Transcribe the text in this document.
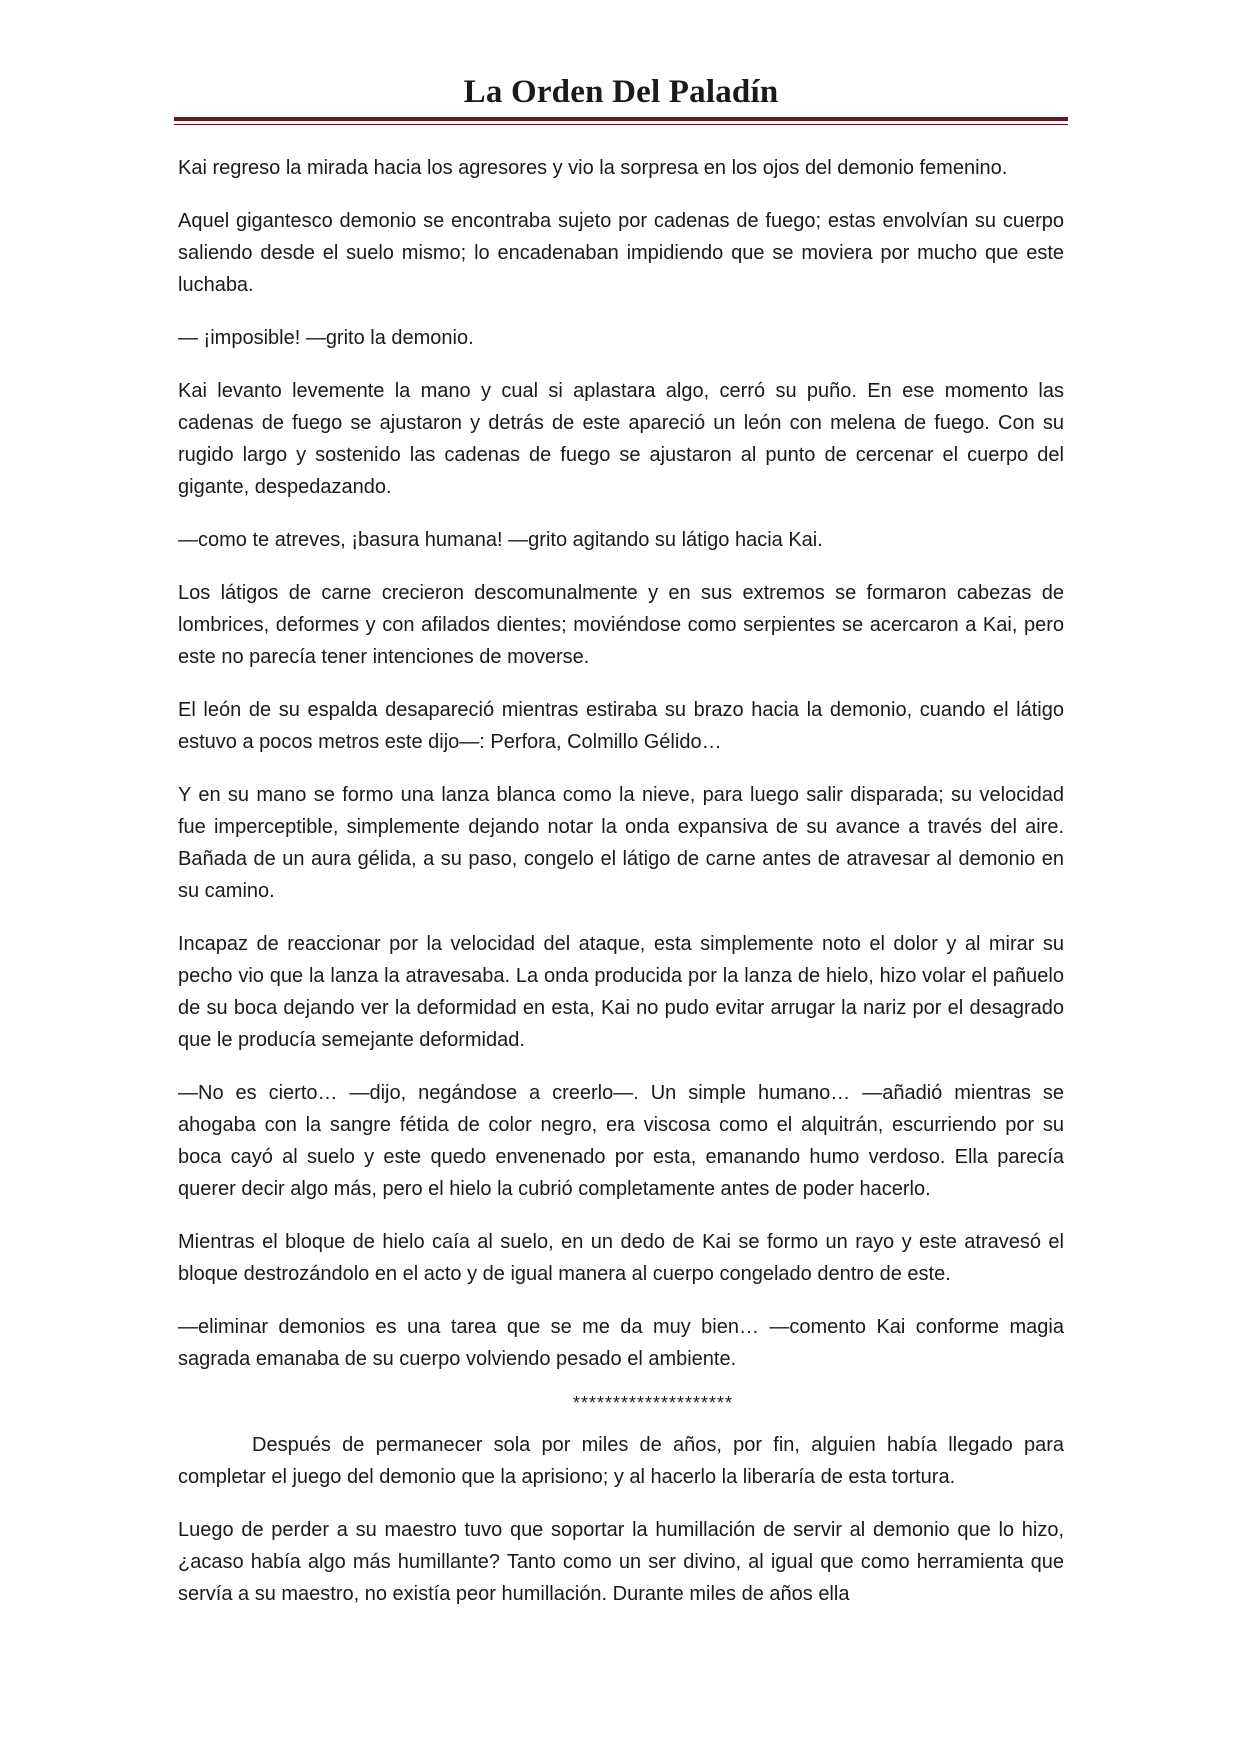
La Orden Del Paladín

Kai regreso la mirada hacia los agresores y vio la sorpresa en los ojos del demonio femenino.

Aquel gigantesco demonio se encontraba sujeto por cadenas de fuego; estas envolvían su cuerpo saliendo desde el suelo mismo; lo encadenaban impidiendo que se moviera por mucho que este luchaba.

— ¡imposible! —grito la demonio.

Kai levanto levemente la mano y cual si aplastara algo, cerró su puño. En ese momento las cadenas de fuego se ajustaron y detrás de este apareció un león con melena de fuego. Con su rugido largo y sostenido las cadenas de fuego se ajustaron al punto de cercenar el cuerpo del gigante, despedazando.

—como te atreves, ¡basura humana! —grito agitando su látigo hacia Kai.

Los látigos de carne crecieron descomunalmente y en sus extremos se formaron cabezas de lombrices, deformes y con afilados dientes; moviéndose como serpientes se acercaron a Kai, pero este no parecía tener intenciones de moverse.

El león de su espalda desapareció mientras estiraba su brazo hacia la demonio, cuando el látigo estuvo a pocos metros este dijo—: Perfora, Colmillo Gélido…

Y en su mano se formo una lanza blanca como la nieve, para luego salir disparada; su velocidad fue imperceptible, simplemente dejando notar la onda expansiva de su avance a través del aire. Bañada de un aura gélida, a su paso, congelo el látigo de carne antes de atravesar al demonio en su camino.

Incapaz de reaccionar por la velocidad del ataque, esta simplemente noto el dolor y al mirar su pecho vio que la lanza la atravesaba. La onda producida por la lanza de hielo, hizo volar el pañuelo de su boca dejando ver la deformidad en esta, Kai no pudo evitar arrugar la nariz por el desagrado que le producía semejante deformidad.

—No es cierto… —dijo, negándose a creerlo—. Un simple humano… —añadió mientras se ahogaba con la sangre fétida de color negro, era viscosa como el alquitrán, escurriendo por su boca cayó al suelo y este quedo envenenado por esta, emanando humo verdoso. Ella parecía querer decir algo más, pero el hielo la cubrió completamente antes de poder hacerlo.

Mientras el bloque de hielo caía al suelo, en un dedo de Kai se formo un rayo y este atravesó el bloque destrozándolo en el acto y de igual manera al cuerpo congelado dentro de este.

—eliminar demonios es una tarea que se me da muy bien… —comento Kai conforme magia sagrada emanaba de su cuerpo volviendo pesado el ambiente.

********************

Después de permanecer sola por miles de años, por fin, alguien había llegado para completar el juego del demonio que la aprisiono; y al hacerlo la liberaría de esta tortura.

Luego de perder a su maestro tuvo que soportar la humillación de servir al demonio que lo hizo, ¿acaso había algo más humillante? Tanto como un ser divino, al igual que como herramienta que servía a su maestro, no existía peor humillación. Durante miles de años ella
